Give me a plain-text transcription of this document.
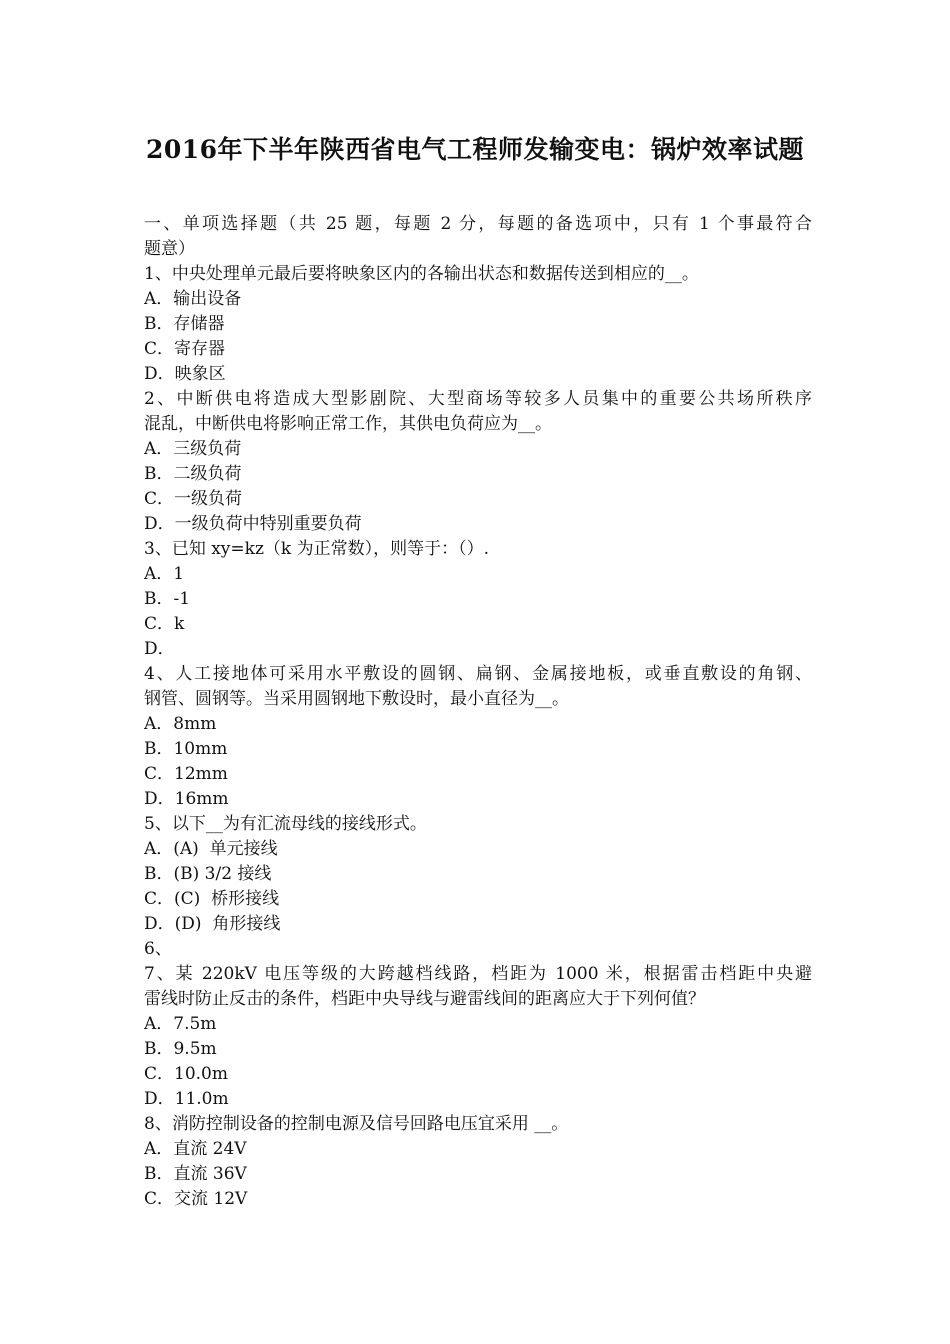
2016年下半年陕西省电气工程师发输变电：锅炉效率试题
一、单项选择题（共 25 题，每题 2 分，每题的备选项中，只有 1 个事最符合
题意）
1、中央处理单元最后要将映象区内的各输出状态和数据传送到相应的__。
A．输出设备
B．存储器
C．寄存器
D．映象区
2、中断供电将造成大型影剧院、大型商场等较多人员集中的重要公共场所秩序
混乱，中断供电将影响正常工作，其供电负荷应为__。
A．三级负荷
B．二级负荷
C．一级负荷
D．一级负荷中特别重要负荷
3、已知 xy=kz（k 为正常数），则等于：（）.
A．1
B．-1
C．k
D．
4、人工接地体可采用水平敷设的圆钢、扁钢、金属接地板，或垂直敷设的角钢、
钢管、圆钢等。当采用圆钢地下敷设时，最小直径为__。
A．8mm
B．10mm
C．12mm
D．16mm
5、以下__为有汇流母线的接线形式。
A．(A)  单元接线
B．(B) 3/2 接线
C．(C)  桥形接线
D．(D)  角形接线
6、
7、某 220kV 电压等级的大跨越档线路，档距为 1000 米，根据雷击档距中央避
雷线时防止反击的条件，档距中央导线与避雷线间的距离应大于下列何值？
A．7.5m
B．9.5m
C．10.0m
D．11.0m
8、消防控制设备的控制电源及信号回路电压宜采用 __。
A．直流 24V
B．直流 36V
C．交流 12V
